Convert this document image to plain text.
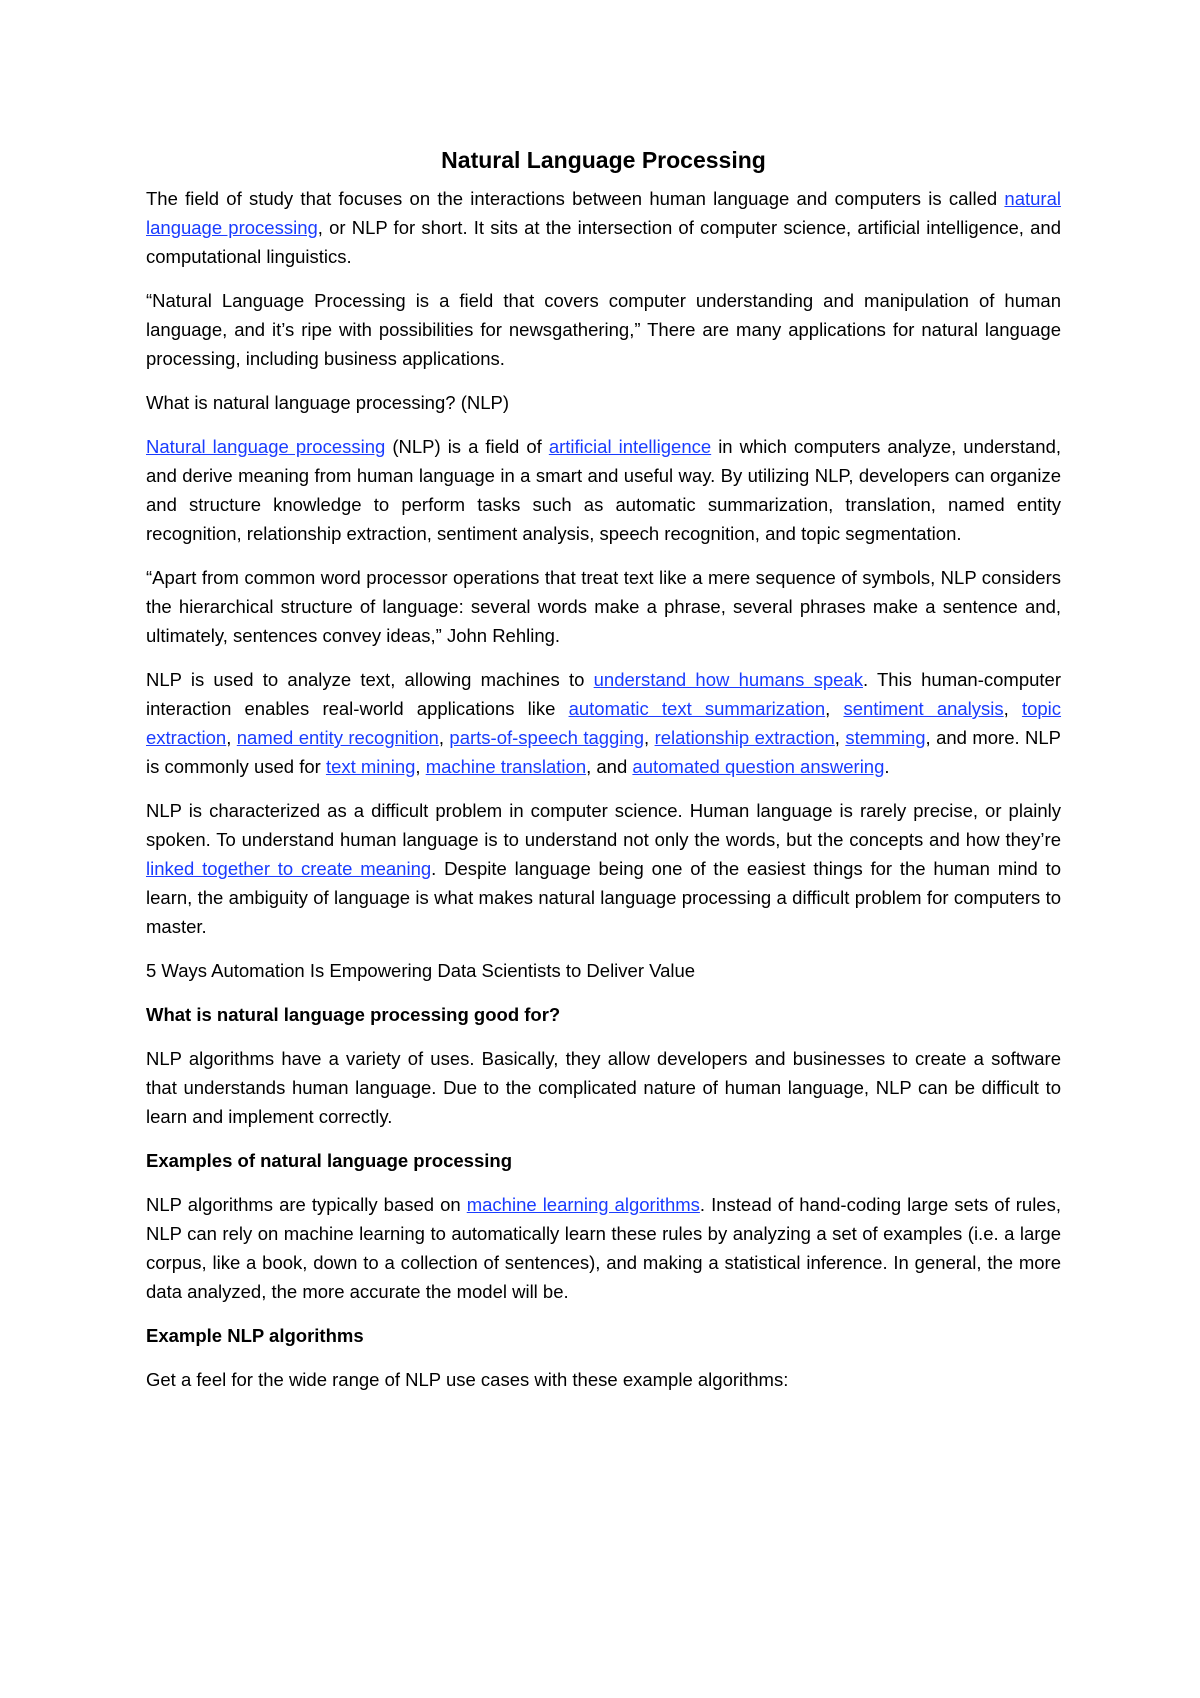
Natural Language Processing

The field of study that focuses on the interactions between human language and computers is called natural language processing, or NLP for short. It sits at the intersection of computer science, artificial intelligence, and computational linguistics.

“Natural Language Processing is a field that covers computer understanding and manipulation of human language, and it’s ripe with possibilities for newsgathering,” There are many applications for natural language processing, including business applications.

What is natural language processing? (NLP)

Natural language processing (NLP) is a field of artificial intelligence in which computers analyze, understand, and derive meaning from human language in a smart and useful way. By utilizing NLP, developers can organize and structure knowledge to perform tasks such as automatic summarization, translation, named entity recognition, relationship extraction, sentiment analysis, speech recognition, and topic segmentation.

“Apart from common word processor operations that treat text like a mere sequence of symbols, NLP considers the hierarchical structure of language: several words make a phrase, several phrases make a sentence and, ultimately, sentences convey ideas,” John Rehling.

NLP is used to analyze text, allowing machines to understand how humans speak. This human-computer interaction enables real-world applications like automatic text summarization, sentiment analysis, topic extraction, named entity recognition, parts-of-speech tagging, relationship extraction, stemming, and more. NLP is commonly used for text mining, machine translation, and automated question answering.

NLP is characterized as a difficult problem in computer science. Human language is rarely precise, or plainly spoken. To understand human language is to understand not only the words, but the concepts and how they’re linked together to create meaning. Despite language being one of the easiest things for the human mind to learn, the ambiguity of language is what makes natural language processing a difficult problem for computers to master.

5 Ways Automation Is Empowering Data Scientists to Deliver Value

What is natural language processing good for?

NLP algorithms have a variety of uses. Basically, they allow developers and businesses to create a software that understands human language. Due to the complicated nature of human language, NLP can be difficult to learn and implement correctly.

Examples of natural language processing

NLP algorithms are typically based on machine learning algorithms. Instead of hand-coding large sets of rules, NLP can rely on machine learning to automatically learn these rules by analyzing a set of examples (i.e. a large corpus, like a book, down to a collection of sentences), and making a statistical inference. In general, the more data analyzed, the more accurate the model will be.

Example NLP algorithms

Get a feel for the wide range of NLP use cases with these example algorithms:
